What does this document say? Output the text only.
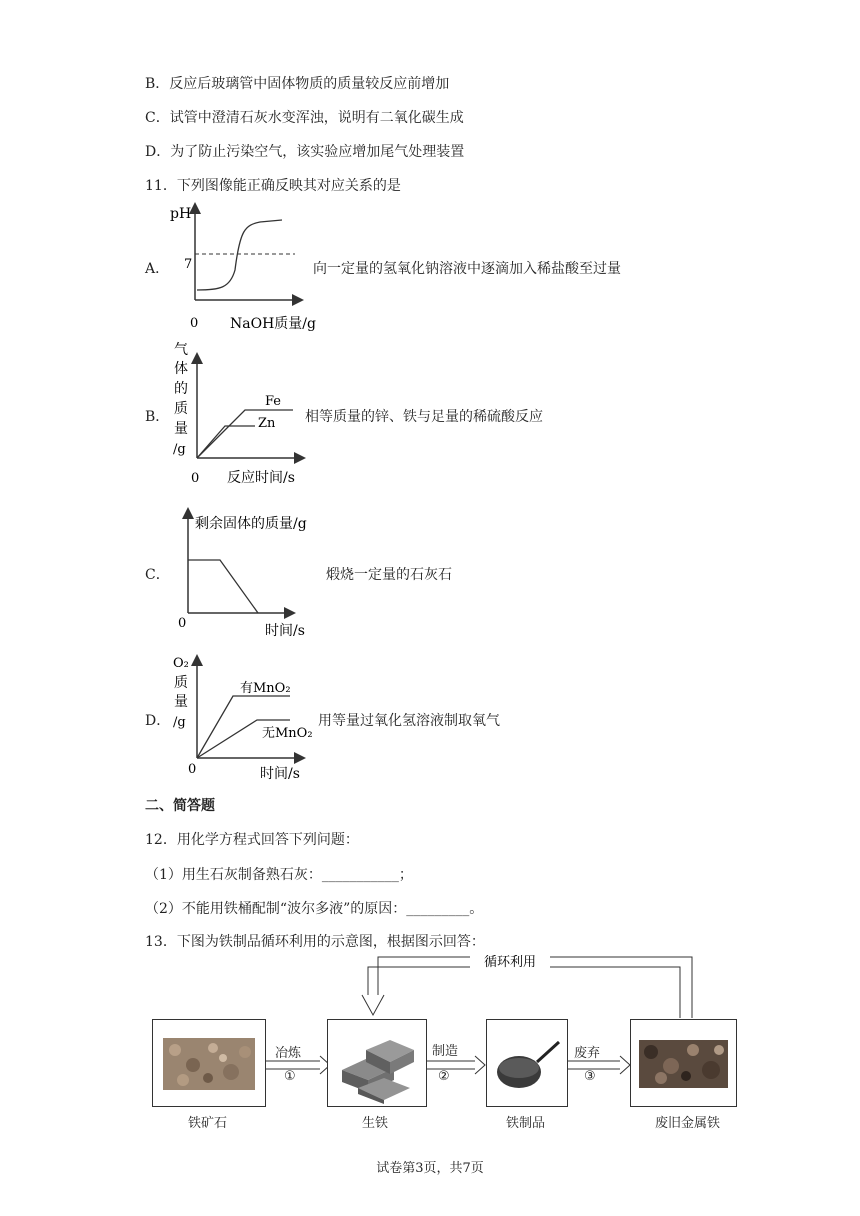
B．反应后玻璃管中固体物质的质量较反应前增加
C．试管中澄清石灰水变浑浊，说明有二氧化碳生成
D．为了防止污染空气，该实验应增加尾气处理装置
11．下列图像能正确反映其对应关系的是
A．
pH
7
0 NaOH质量/g
向一定量的氢氧化钠溶液中逐滴加入稀盐酸至过量
B．
Fe
Zn
气
体
的
质
量
/g
0 反应时间/s
相等质量的锌、铁与足量的稀硫酸反应
C．
剩余固体的质量/g
0	时间/s
煅烧一定量的石灰石
D．
有MnO₂
无MnO₂
O₂
质
量
/g
0	时间/s
用等量过氧化氢溶液制取氧气
二、简答题
12．用化学方程式回答下列问题：
（1）用生石灰制备熟石灰：___________；
（2）不能用铁桶配制“波尔多液”的原因：_________。
13．下图为铁制品循环利用的示意图，根据图示回答：
循环利用
铁矿石	生铁	铁制品	废旧金属铁
冶炼
①
制造
②
废弃
③
试卷第3页，共7页
